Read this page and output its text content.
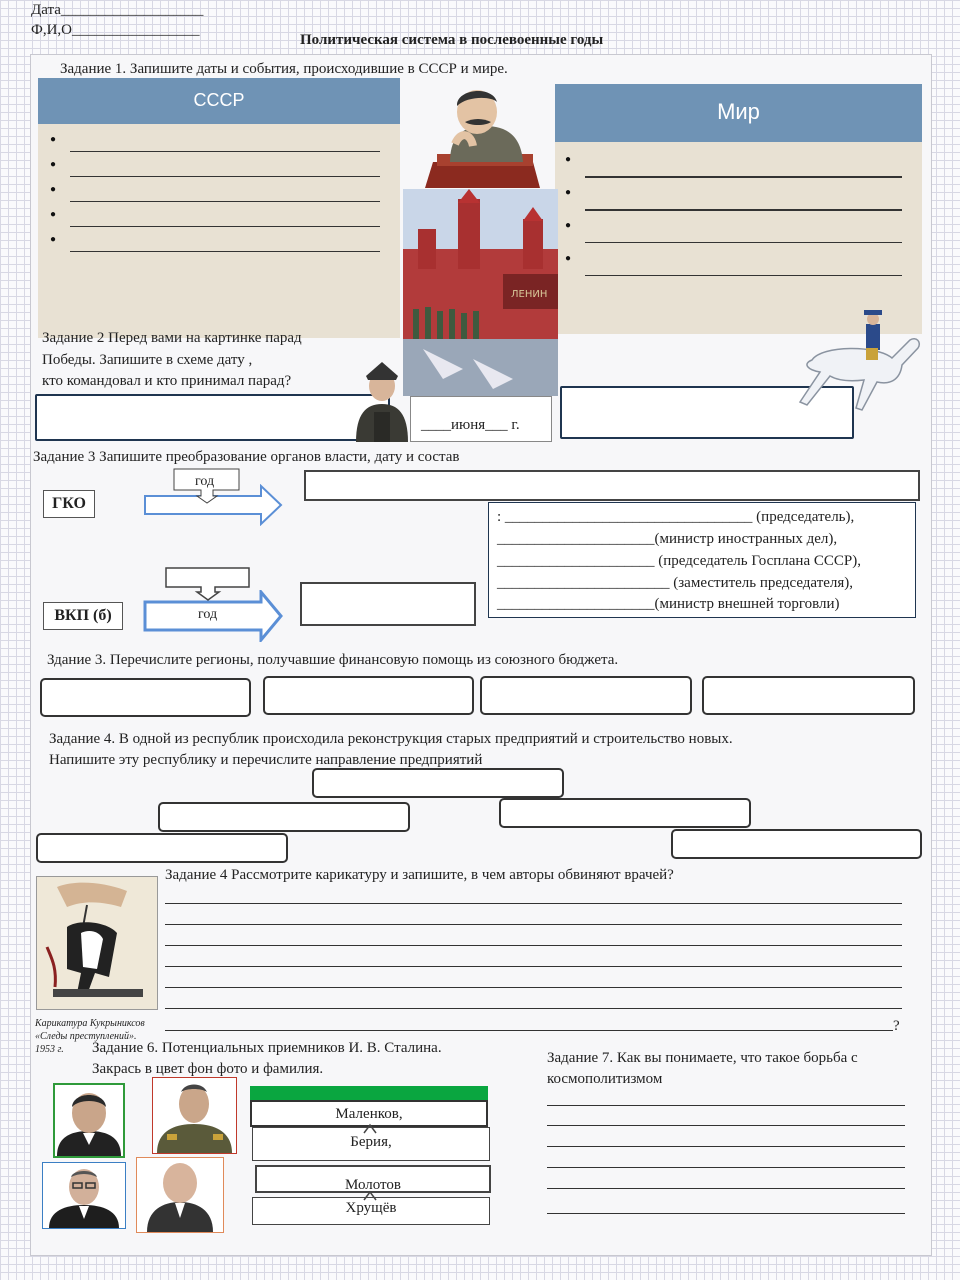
Дата___________________
Ф,И,О_________________
Политическая система в послевоенные годы
Задание 1. Запишите даты и события, происходившие в СССР и мире.
СССР
●
●
●
●
●	Мир
●
●
●
●
ЛЕНИН
Задание 2 Перед вами на картинке парад
Победы. Запишите в схеме дату ,
кто командовал и кто принимал парад?
____июня___ г.
Задание 3 Запишите преобразование органов власти, дату и состав
ГКО
ВКП (б)
год
год
: _________________________________ (председатель),
_____________________(министр иностранных дел),
_____________________ (председатель Госплана СССР),
_______________________ (заместитель председателя),
_____________________(министр внешней торговли)
Здание 3. Перечислите регионы, получавшие финансовую помощь из союзного бюджета.
Задание 4. В одной из республик происходила реконструкция старых предприятий и строительство новых.
Напишите эту республику и перечислите направление предприятий
Карикатура Кукрыниксов
«Следы преступлений».
1953 г.
Задание 4 Рассмотрите карикатуру и запишите, в чем авторы обвиняют врачей?
?
Задание 6. Потенциальных приемников И. В. Сталина.
Закрась в цвет фон фото и фамилия.
Маленков,
Берия,
Молотов
Хрущёв
Задание 7. Как вы понимаете, что такое борьба с
космополитизмом
